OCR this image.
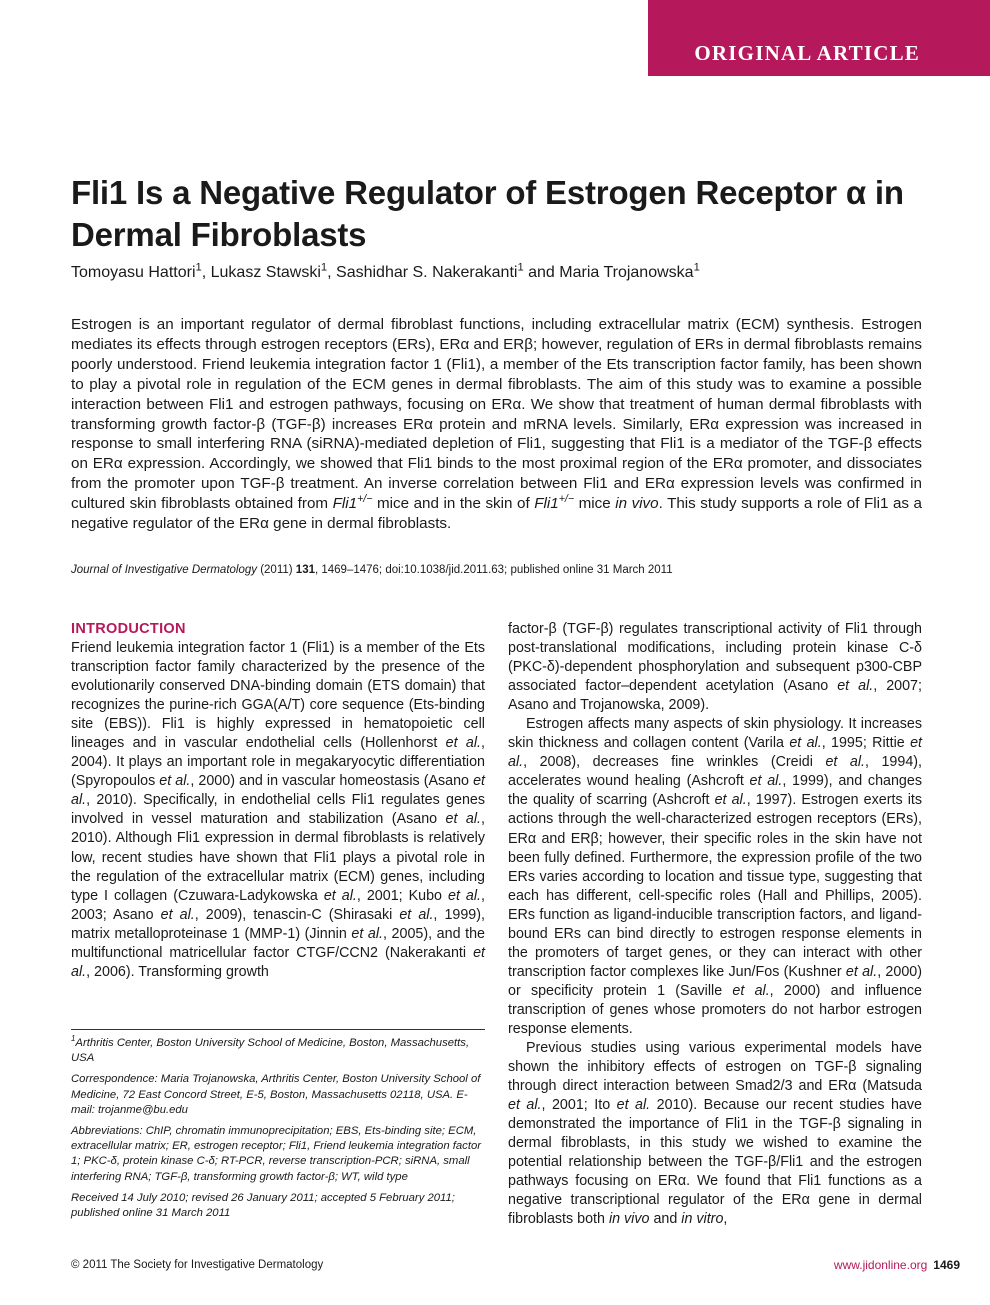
ORIGINAL ARTICLE
Fli1 Is a Negative Regulator of Estrogen Receptor α in Dermal Fibroblasts
Tomoyasu Hattori$^1$, Lukasz Stawski$^1$, Sashidhar S. Nakerakanti$^1$ and Maria Trojanowska$^1$

Estrogen is an important regulator of dermal fibroblast functions, including extracellular matrix (ECM) synthesis. Estrogen mediates its effects through estrogen receptors (ERs), ERα and ERβ; however, regulation of ERs in dermal fibroblasts remains poorly understood. Friend leukemia integration factor 1 (Fli1), a member of the Ets transcription factor family, has been shown to play a pivotal role in regulation of the ECM genes in dermal fibroblasts. The aim of this study was to examine a possible interaction between Fli1 and estrogen pathways, focusing on ERα. We show that treatment of human dermal fibroblasts with transforming growth factor-β (TGF-β) increases ERα protein and mRNA levels. Similarly, ERα expression was increased in response to small interfering RNA (siRNA)-mediated depletion of Fli1, suggesting that Fli1 is a mediator of the TGF-β effects on ERα expression. Accordingly, we showed that Fli1 binds to the most proximal region of the ERα promoter, and dissociates from the promoter upon TGF-β treatment. An inverse correlation between Fli1 and ERα expression levels was confirmed in cultured skin fibroblasts obtained from Fli1+/− mice and in the skin of Fli1+/− mice in vivo. This study supports a role of Fli1 as a negative regulator of the ERα gene in dermal fibroblasts.

Journal of Investigative Dermatology (2011) 131, 1469–1476; doi:10.1038/jid.2011.63; published online 31 March 2011

INTRODUCTION

Friend leukemia integration factor 1 (Fli1) is a member of the Ets transcription factor family characterized by the presence of the evolutionarily conserved DNA-binding domain (ETS domain) that recognizes the purine-rich GGA(A/T) core sequence (Ets-binding site (EBS)). Fli1 is highly expressed in hematopoietic cell lineages and in vascular endothelial cells (Hollenhorst et al., 2004). It plays an important role in megakaryocytic differentiation (Spyropoulos et al., 2000) and in vascular homeostasis (Asano et al., 2010). Specifically, in endothelial cells Fli1 regulates genes involved in vessel maturation and stabilization (Asano et al., 2010). Although Fli1 expression in dermal fibroblasts is relatively low, recent studies have shown that Fli1 plays a pivotal role in the regulation of the extracellular matrix (ECM) genes, including type I collagen (Czuwara-Ladykowska et al., 2001; Kubo et al., 2003; Asano et al., 2009), tenascin-C (Shirasaki et al., 1999), matrix metalloproteinase 1 (MMP-1) (Jinnin et al., 2005), and the multifunctional matricellular factor CTGF/CCN2 (Nakerakanti et al., 2006). Transforming growth

factor-β (TGF-β) regulates transcriptional activity of Fli1 through post-translational modifications, including protein kinase C-δ (PKC-δ)-dependent phosphorylation and subsequent p300-CBP associated factor–dependent acetylation (Asano et al., 2007; Asano and Trojanowska, 2009).

Estrogen affects many aspects of skin physiology. It increases skin thickness and collagen content (Varila et al., 1995; Rittie et al., 2008), decreases fine wrinkles (Creidi et al., 1994), accelerates wound healing (Ashcroft et al., 1999), and changes the quality of scarring (Ashcroft et al., 1997). Estrogen exerts its actions through the well-characterized estrogen receptors (ERs), ERα and ERβ; however, their specific roles in the skin have not been fully defined. Furthermore, the expression profile of the two ERs varies according to location and tissue type, suggesting that each has different, cell-specific roles (Hall and Phillips, 2005). ERs function as ligand-inducible transcription factors, and ligand-bound ERs can bind directly to estrogen response elements in the promoters of target genes, or they can interact with other transcription factor complexes like Jun/Fos (Kushner et al., 2000) or specificity protein 1 (Saville et al., 2000) and influence transcription of genes whose promoters do not harbor estrogen response elements.

Previous studies using various experimental models have shown the inhibitory effects of estrogen on TGF-β signaling through direct interaction between Smad2/3 and ERα (Matsuda et al., 2001; Ito et al. 2010). Because our recent studies have demonstrated the importance of Fli1 in the TGF-β signaling in dermal fibroblasts, in this study we wished to examine the potential relationship between the TGF-β/Fli1 and the estrogen pathways focusing on ERα. We found that Fli1 functions as a negative transcriptional regulator of the ERα gene in dermal fibroblasts both in vivo and in vitro,

$^1$Arthritis Center, Boston University School of Medicine, Boston, Massachusetts, USA

Correspondence: Maria Trojanowska, Arthritis Center, Boston University School of Medicine, 72 East Concord Street, E-5, Boston, Massachusetts 02118, USA. E-mail: trojanme@bu.edu

Abbreviations: ChIP, chromatin immunoprecipitation; EBS, Ets-binding site; ECM, extracellular matrix; ER, estrogen receptor; Fli1, Friend leukemia integration factor 1; PKC-δ, protein kinase C-δ; RT-PCR, reverse transcription-PCR; siRNA, small interfering RNA; TGF-β, transforming growth factor-β; WT, wild type

Received 14 July 2010; revised 26 January 2011; accepted 5 February 2011; published online 31 March 2011

© 2011 The Society for Investigative Dermatology	www.jidonline.org 1469
